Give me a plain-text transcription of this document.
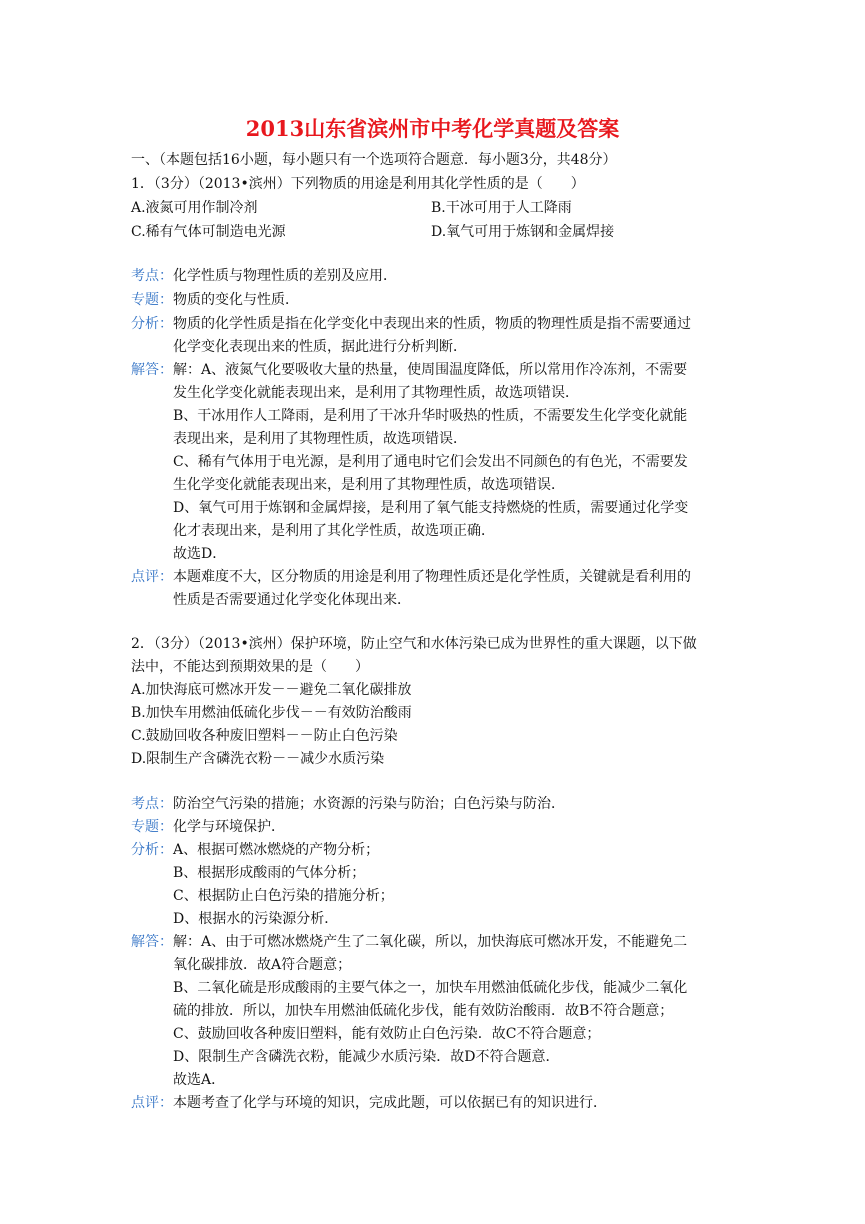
2013山东省滨州市中考化学真题及答案
一、（本题包括16小题，每小题只有一个选项符合题意．每小题3分，共48分）
1．（3分）（2013•滨州）下列物质的用途是利用其化学性质的是（　　）
A.液氮可用作制冷剂	B.干冰可用于人工降雨
C.稀有气体可制造电光源	D.氧气可用于炼钢和金属焊接
考点： 化学性质与物理性质的差别及应用．
专题： 物质的变化与性质．
分析： 物质的化学性质是指在化学变化中表现出来的性质，物质的物理性质是指不需要通过
化学变化表现出来的性质，据此进行分析判断．
解答： 解：A、液氮气化要吸收大量的热量，使周围温度降低，所以常用作冷冻剂，不需要
发生化学变化就能表现出来，是利用了其物理性质，故选项错误．
B、干冰用作人工降雨，是利用了干冰升华时吸热的性质，不需要发生化学变化就能
表现出来，是利用了其物理性质，故选项错误．
C、稀有气体用于电光源，是利用了通电时它们会发出不同颜色的有色光，不需要发
生化学变化就能表现出来，是利用了其物理性质，故选项错误．
D、氧气可用于炼钢和金属焊接，是利用了氧气能支持燃烧的性质，需要通过化学变
化才表现出来，是利用了其化学性质，故选项正确．
故选D．
点评： 本题难度不大，区分物质的用途是利用了物理性质还是化学性质，关键就是看利用的
性质是否需要通过化学变化体现出来．
2．（3分）（2013•滨州）保护环境，防止空气和水体污染已成为世界性的重大课题，以下做
法中，不能达到预期效果的是（　　）
A.加快海底可燃冰开发－－避免二氧化碳排放
B.加快车用燃油低硫化步伐－－有效防治酸雨
C.鼓励回收各种废旧塑料－－防止白色污染
D.限制生产含磷洗衣粉－－减少水质污染
考点： 防治空气污染的措施；水资源的污染与防治；白色污染与防治．
专题： 化学与环境保护．
分析： A、根据可燃冰燃烧的产物分析；
B、根据形成酸雨的气体分析；
C、根据防止白色污染的措施分析；
D、根据水的污染源分析．
解答： 解：A、由于可燃冰燃烧产生了二氧化碳，所以，加快海底可燃冰开发，不能避免二
氧化碳排放．故A符合题意；
B、二氧化硫是形成酸雨的主要气体之一，加快车用燃油低硫化步伐，能减少二氧化
硫的排放．所以，加快车用燃油低硫化步伐，能有效防治酸雨．故B不符合题意；
C、鼓励回收各种废旧塑料，能有效防止白色污染．故C不符合题意；
D、限制生产含磷洗衣粉，能减少水质污染．故D不符合题意．
故选A．
点评： 本题考查了化学与环境的知识，完成此题，可以依据已有的知识进行．
